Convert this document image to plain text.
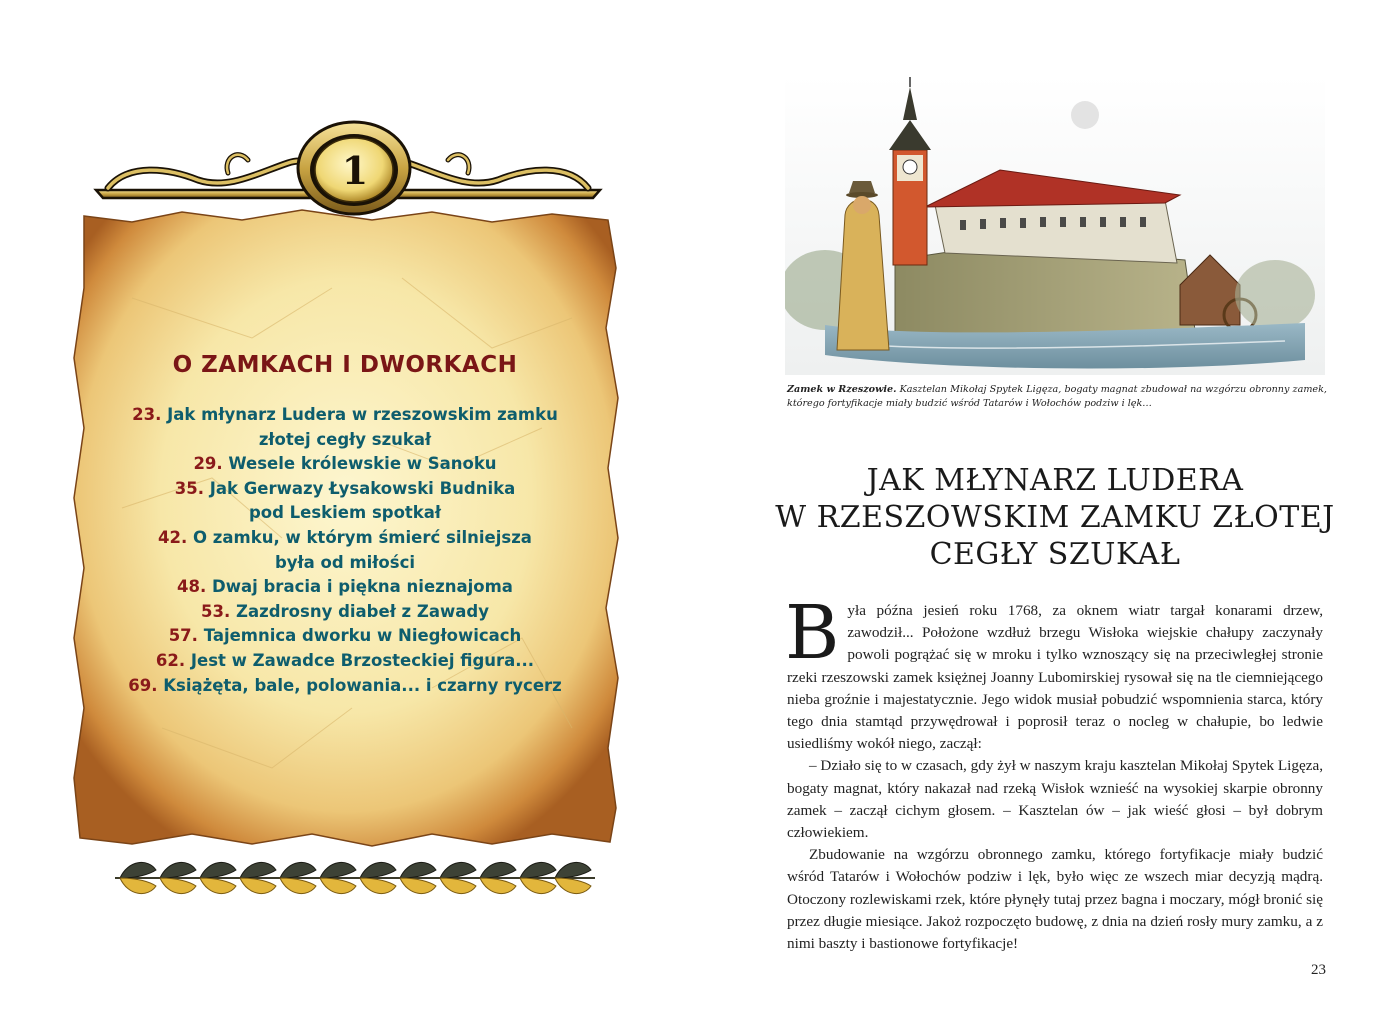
1
O ZAMKACH I DWORKACH
23. Jak młynarz Ludera w rzeszowskim zamku
złotej cegły szukał
29. Wesele królewskie w Sanoku
35. Jak Gerwazy Łysakowski Budnika
pod Leskiem spotkał
42. O zamku, w którym śmierć silniejsza
była od miłości
48. Dwaj bracia i piękna nieznajoma
53. Zazdrosny diabeł z Zawady
57. Tajemnica dworku w Niegłowicach
62. Jest w Zawadce Brzosteckiej figura...
69. Książęta, bale, polowania... i czarny rycerz
Zamek w Rzeszowie. Kasztelan Mikołaj Spytek Ligęza, bogaty magnat zbudował na wzgórzu obronny zamek, którego fortyfikacje miały budzić wśród Tatarów i Wołochów podziw i lęk…
JAK MŁYNARZ LUDERA
W RZESZOWSKIM ZAMKU ZŁOTEJ
CEGŁY SZUKAŁ

Była późna jesień roku 1768, za oknem wiatr targał konarami drzew, zawodził... Położone wzdłuż brzegu Wisłoka wiejskie chałupy zaczynały powoli pogrążać się w mroku i tylko wznoszący się na przeciwległej stronie rzeki rzeszowski zamek księżnej Joanny Lubomirskiej rysował się na tle ciemniejącego nieba groźnie i majestatycznie. Jego widok musiał pobudzić wspomnienia starca, który tego dnia stamtąd przywędrował i poprosił teraz o nocleg w chałupie, bo ledwie usiedliśmy wokół niego, zaczął:

– Działo się to w czasach, gdy żył w naszym kraju kasztelan Mikołaj Spytek Ligęza, bogaty magnat, który nakazał nad rzeką Wisłok wznieść na wysokiej skarpie obronny zamek – zaczął cichym głosem. – Kasztelan ów – jak wieść głosi – był dobrym człowiekiem.

Zbudowanie na wzgórzu obronnego zamku, którego fortyfikacje miały budzić wśród Tatarów i Wołochów podziw i lęk, było więc ze wszech miar decyzją mądrą. Otoczony rozlewiskami rzek, które płynęły tutaj przez bagna i moczary, mógł bronić się przez długie miesiące. Jakoż rozpoczęto budowę, z dnia na dzień rosły mury zamku, a z nimi baszty i bastionowe fortyfikacje!

23
